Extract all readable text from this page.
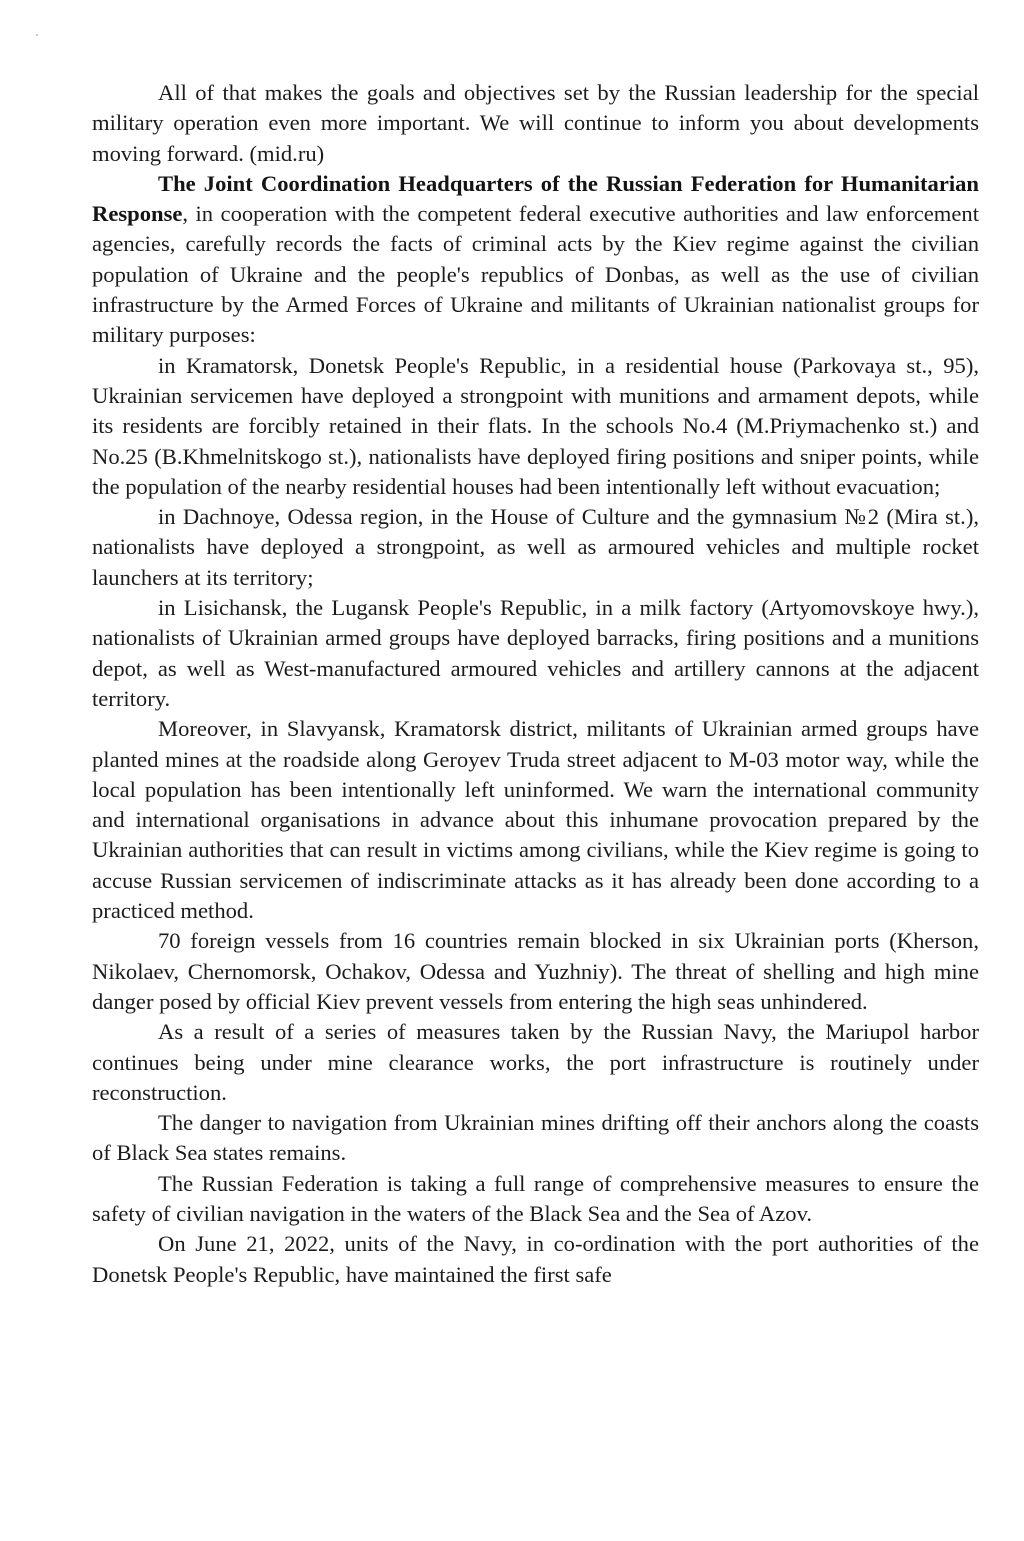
All of that makes the goals and objectives set by the Russian leadership for the special military operation even more important. We will continue to inform you about developments moving forward. (mid.ru)

The Joint Coordination Headquarters of the Russian Federation for Humanitarian Response, in cooperation with the competent federal executive authorities and law enforcement agencies, carefully records the facts of criminal acts by the Kiev regime against the civilian population of Ukraine and the people's republics of Donbas, as well as the use of civilian infrastructure by the Armed Forces of Ukraine and militants of Ukrainian nationalist groups for military purposes:

in Kramatorsk, Donetsk People's Republic, in a residential house (Parkovaya st., 95), Ukrainian servicemen have deployed a strongpoint with munitions and armament depots, while its residents are forcibly retained in their flats. In the schools No.4 (M.Priymachenko st.) and No.25 (B.Khmelnitskogo st.), nationalists have deployed firing positions and sniper points, while the population of the nearby residential houses had been intentionally left without evacuation;

in Dachnoye, Odessa region, in the House of Culture and the gymnasium №2 (Mira st.), nationalists have deployed a strongpoint, as well as armoured vehicles and multiple rocket launchers at its territory;

in Lisichansk, the Lugansk People's Republic, in a milk factory (Artyomovskoye hwy.), nationalists of Ukrainian armed groups have deployed barracks, firing positions and a munitions depot, as well as West-manufactured armoured vehicles and artillery cannons at the adjacent territory.

Moreover, in Slavyansk, Kramatorsk district, militants of Ukrainian armed groups have planted mines at the roadside along Geroyev Truda street adjacent to M-03 motor way, while the local population has been intentionally left uninformed. We warn the international community and international organisations in advance about this inhumane provocation prepared by the Ukrainian authorities that can result in victims among civilians, while the Kiev regime is going to accuse Russian servicemen of indiscriminate attacks as it has already been done according to a practiced method.

70 foreign vessels from 16 countries remain blocked in six Ukrainian ports (Kherson, Nikolaev, Chernomorsk, Ochakov, Odessa and Yuzhniy). The threat of shelling and high mine danger posed by official Kiev prevent vessels from entering the high seas unhindered.

As a result of a series of measures taken by the Russian Navy, the Mariupol harbor continues being under mine clearance works, the port infrastructure is routinely under reconstruction.

The danger to navigation from Ukrainian mines drifting off their anchors along the coasts of Black Sea states remains.

The Russian Federation is taking a full range of comprehensive measures to ensure the safety of civilian navigation in the waters of the Black Sea and the Sea of Azov.

On June 21, 2022, units of the Navy, in co-ordination with the port authorities of the Donetsk People's Republic, have maintained the first safe
